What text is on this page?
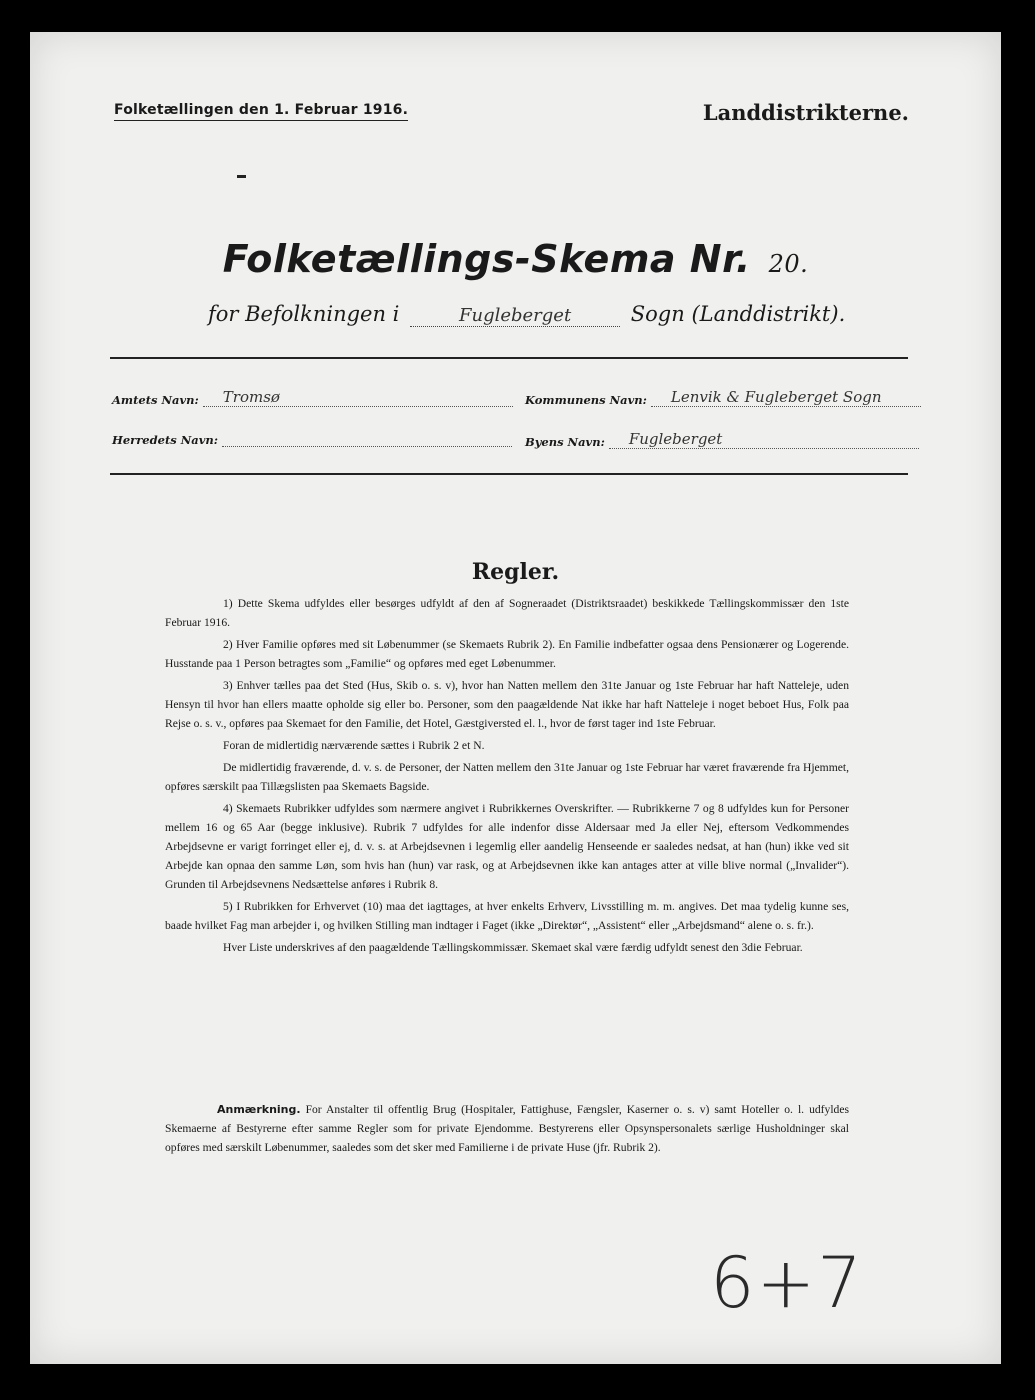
Folketællingen den 1. Februar 1916.	Landdistrikterne.
Folketællings-Skema Nr. 20.
for Befolkningen i	Fugleberget	Sogn (Landdistrikt).
Amtets Navn: Tromsø	Kommunens Navn: Lenvik & Fugleberget Sogn
Herredets Navn:	Byens Navn: Fugleberget
Regler.

1) Dette Skema udfyldes eller besørges udfyldt af den af Sogneraadet (Distriktsraadet) beskikkede Tællingskommissær den 1ste Februar 1916.

2) Hver Familie opføres med sit Løbenummer (se Skemaets Rubrik 2). En Familie indbefatter ogsaa dens Pensionærer og Logerende. Husstande paa 1 Person betragtes som „Familie“ og opføres med eget Løbenummer.

3) Enhver tælles paa det Sted (Hus, Skib o. s. v), hvor han Natten mellem den 31te Januar og 1ste Februar har haft Natteleje, uden Hensyn til hvor han ellers maatte opholde sig eller bo. Personer, som den paagældende Nat ikke har haft Natteleje i noget beboet Hus, Folk paa Rejse o. s. v., opføres paa Skemaet for den Familie, det Hotel, Gæstgiversted el. l., hvor de først tager ind 1ste Februar.

Foran de midlertidig nærværende sættes i Rubrik 2 et N.

De midlertidig fraværende, d. v. s. de Personer, der Natten mellem den 31te Januar og 1ste Februar har været fraværende fra Hjemmet, opføres særskilt paa Tillægslisten paa Skemaets Bagside.

4) Skemaets Rubrikker udfyldes som nærmere angivet i Rubrikkernes Overskrifter. — Rubrikkerne 7 og 8 udfyldes kun for Personer mellem 16 og 65 Aar (begge inklusive). Rubrik 7 udfyldes for alle indenfor disse Aldersaar med Ja eller Nej, eftersom Vedkommendes Arbejdsevne er varigt forringet eller ej, d. v. s. at Arbejdsevnen i legemlig eller aandelig Henseende er saaledes nedsat, at han (hun) ikke ved sit Arbejde kan opnaa den samme Løn, som hvis han (hun) var rask, og at Arbejdsevnen ikke kan antages atter at ville blive normal („Invalider“). Grunden til Arbejdsevnens Nedsættelse anføres i Rubrik 8.

5) I Rubrikken for Erhvervet (10) maa det iagttages, at hver enkelts Erhverv, Livsstilling m. m. angives. Det maa tydelig kunne ses, baade hvilket Fag man arbejder i, og hvilken Stilling man indtager i Faget (ikke „Direktør“, „Assistent“ eller „Arbejdsmand“ alene o. s. fr.).

Hver Liste underskrives af den paagældende Tællingskommissær. Skemaet skal være færdig udfyldt senest den 3die Februar.

Anmærkning. For Anstalter til offentlig Brug (Hospitaler, Fattighuse, Fængsler, Kaserner o. s. v) samt Hoteller o. l. udfyldes Skemaerne af Bestyrerne efter samme Regler som for private Ejendomme. Bestyrerens eller Opsynspersonalets særlige Husholdninger skal opføres med særskilt Løbenummer, saaledes som det sker med Familierne i de private Huse (jfr. Rubrik 2).
6+7
